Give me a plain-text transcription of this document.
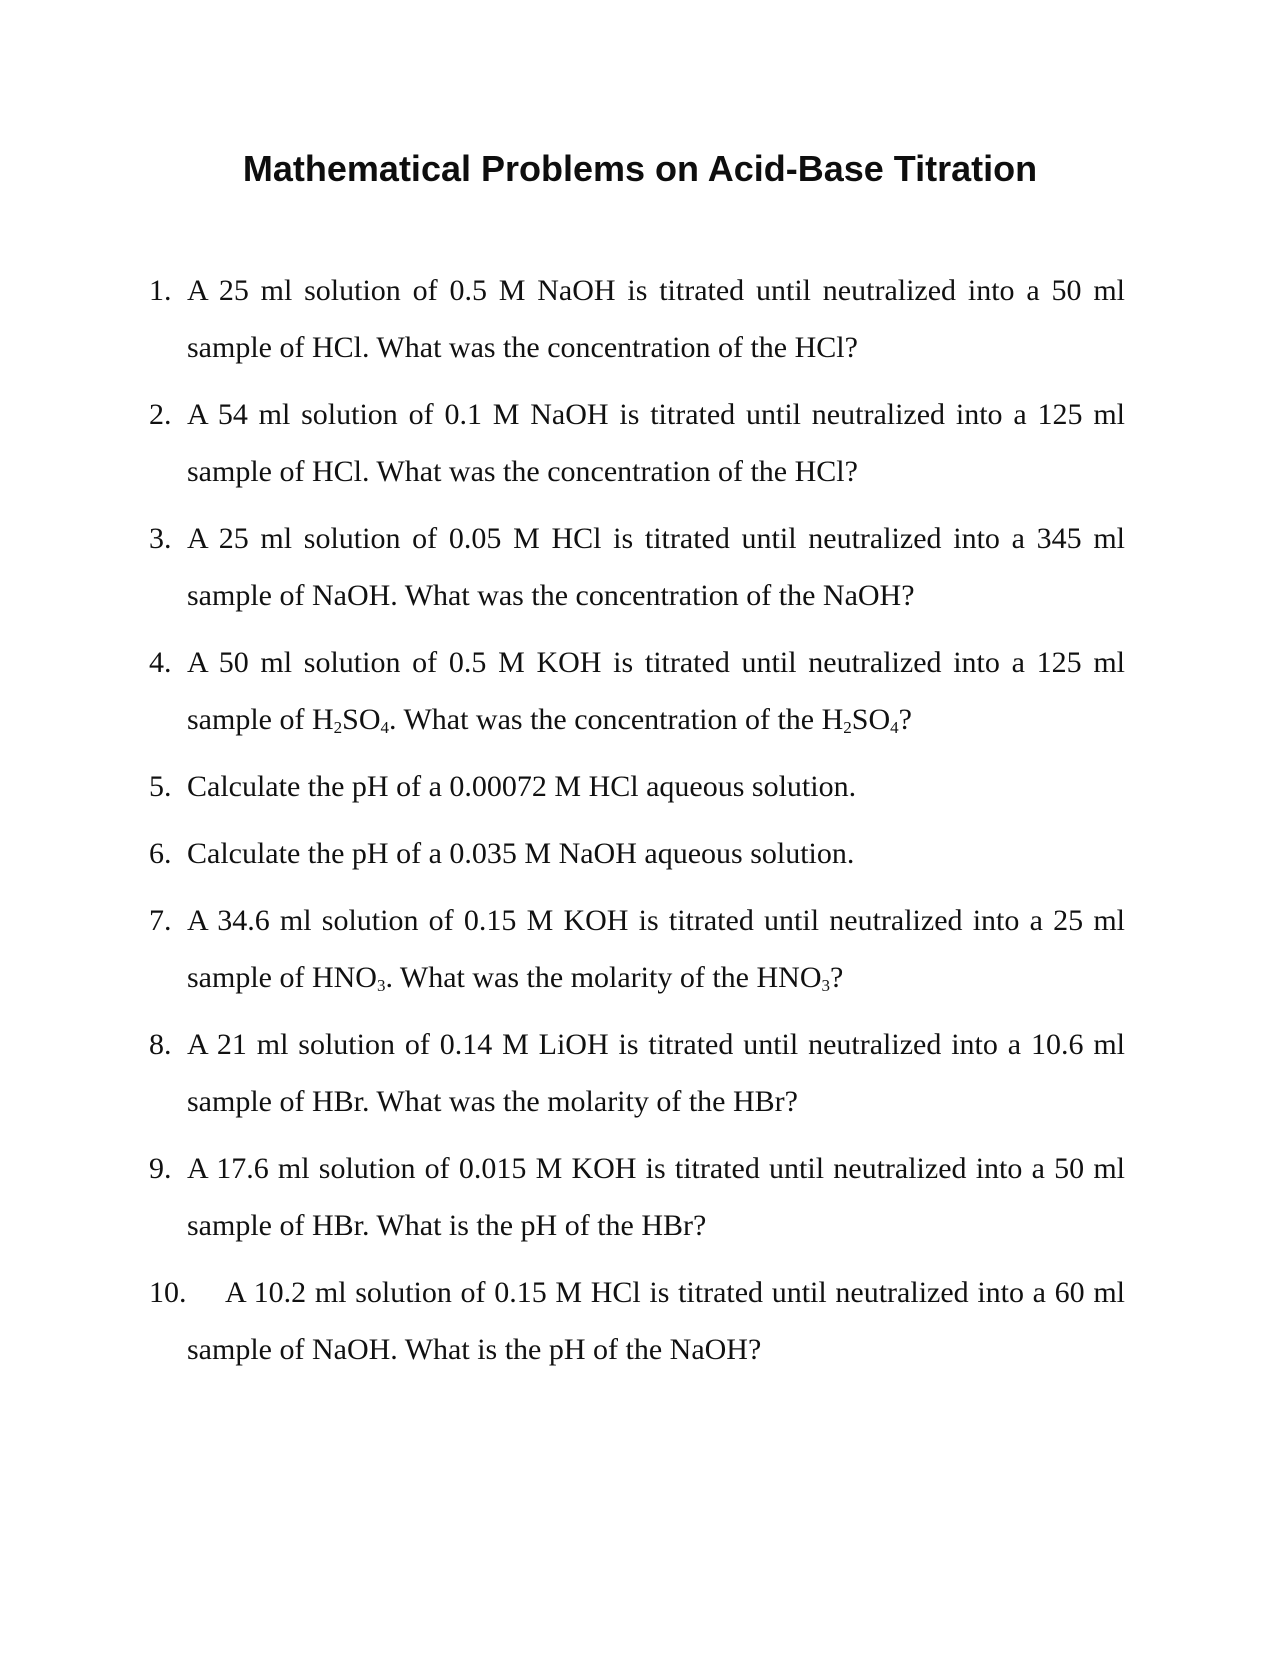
Mathematical Problems on Acid-Base Titration
1. A 25 ml solution of 0.5 M NaOH is titrated until neutralized into a 50 ml sample of HCl. What was the concentration of the HCl?
2. A 54 ml solution of 0.1 M NaOH is titrated until neutralized into a 125 ml sample of HCl. What was the concentration of the HCl?
3. A 25 ml solution of 0.05 M HCl is titrated until neutralized into a 345 ml sample of NaOH. What was the concentration of the NaOH?
4. A 50 ml solution of 0.5 M KOH is titrated until neutralized into a 125 ml sample of $H_2SO_4$. What was the concentration of the $H_2SO_4$?
5. Calculate the pH of a 0.00072 M HCl aqueous solution.
6. Calculate the pH of a 0.035 M NaOH aqueous solution.
7. A 34.6 ml solution of 0.15 M KOH is titrated until neutralized into a 25 ml sample of $HNO_3$. What was the molarity of the $HNO_3$?
8. A 21 ml solution of 0.14 M LiOH is titrated until neutralized into a 10.6 ml sample of HBr. What was the molarity of the HBr?
9. A 17.6 ml solution of 0.015 M KOH is titrated until neutralized into a 50 ml sample of HBr. What is the pH of the HBr?
10.	A 10.2 ml solution of 0.15 M HCl is titrated until neutralized into a 60 ml sample of NaOH. What is the pH of the NaOH?
